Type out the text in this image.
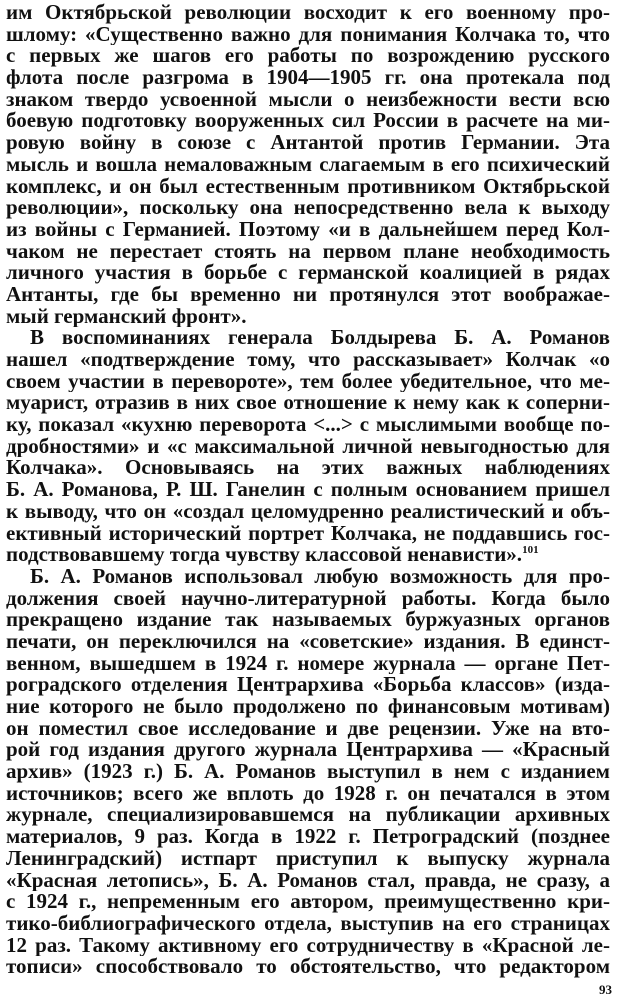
им Октябрьской революции восходит к его военному про-
шлому: «Существенно важно для понимания Колчака то, что
с первых же шагов его работы по возрождению русского
флота после разгрома в 1904—1905 гг. она протекала под
знаком твердо усвоенной мысли о неизбежности вести всю
боевую подготовку вооруженных сил России в расчете на ми-
ровую войну в союзе с Антантой против Германии. Эта
мысль и вошла немаловажным слагаемым в его психический
комплекс, и он был естественным противником Октябрьской
революции», поскольку она непосредственно вела к выходу
из войны с Германией. Поэтому «и в дальнейшем перед Кол-
чаком не перестает стоять на первом плане необходимость
личного участия в борьбе с германской коалицией в рядах
Антанты, где бы временно ни протянулся этот воображае-
мый германский фронт».
В воспоминаниях генерала Болдырева Б. А. Романов
нашел «подтверждение тому, что рассказывает» Колчак «о
своем участии в перевороте», тем более убедительное, что ме-
муарист, отразив в них свое отношение к нему как к соперни-
ку, показал «кухню переворота <...> с мыслимыми вообще по-
дробностями» и «с максимальной личной невыгодностью для
Колчака». Основываясь на этих важных наблюдениях
Б. А. Романова, Р. Ш. Ганелин с полным основанием пришел
к выводу, что он «создал целомудренно реалистический и объ-
ективный исторический портрет Колчака, не поддавшись гос-
подствовавшему тогда чувству классовой ненависти».$^{101}$
Б. А. Романов использовал любую возможность для про-
должения своей научно-литературной работы. Когда было
прекращено издание так называемых буржуазных органов
печати, он переключился на «советские» издания. В единст-
венном, вышедшем в 1924 г. номере журнала — органе Пет-
роградского отделения Центрархива «Борьба классов» (изда-
ние которого не было продолжено по финансовым мотивам)
он поместил свое исследование и две рецензии. Уже на вто-
рой год издания другого журнала Центрархива — «Красный
архив» (1923 г.) Б. А. Романов выступил в нем с изданием
источников; всего же вплоть до 1928 г. он печатался в этом
журнале, специализировавшемся на публикации архивных
материалов, 9 раз. Когда в 1922 г. Петроградский (позднее
Ленинградский) истпарт приступил к выпуску журнала
«Красная летопись», Б. А. Романов стал, правда, не сразу, а
с 1924 г., непременным его автором, преимущественно кри-
тико-библиографического отдела, выступив на его страницах
12 раз. Такому активному его сотрудничеству в «Красной ле-
тописи» способствовало то обстоятельство, что редактором
93
